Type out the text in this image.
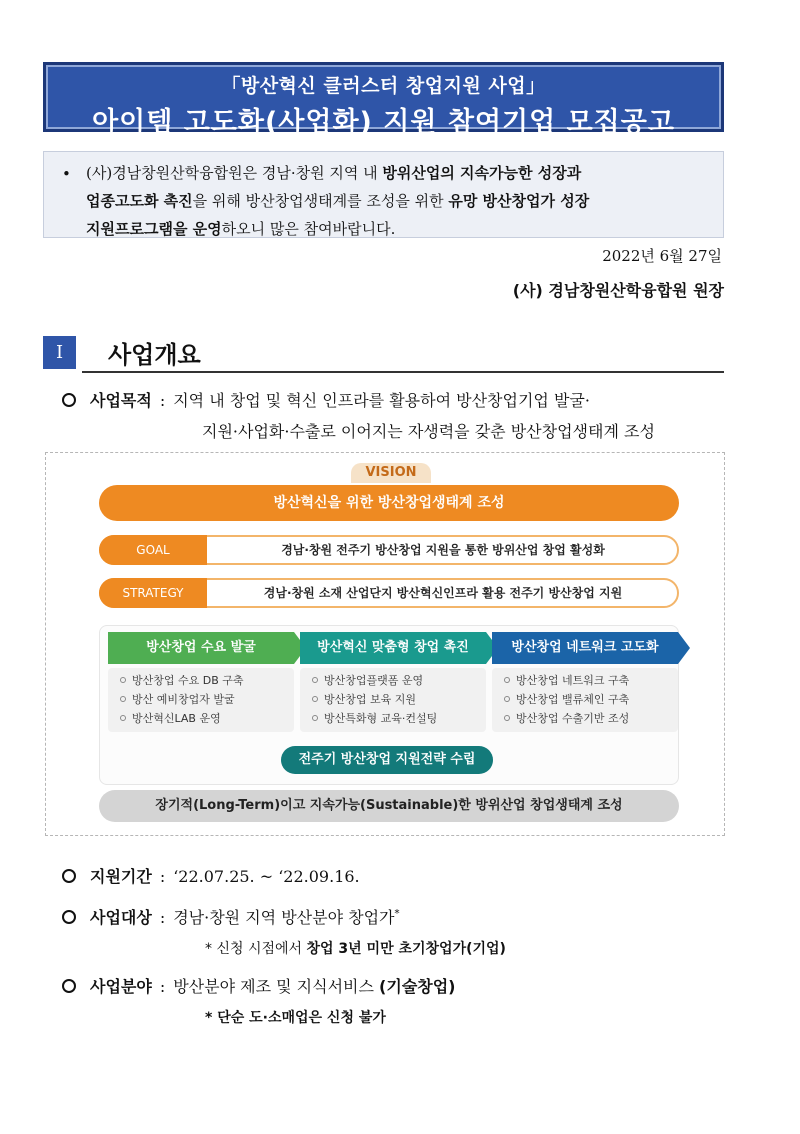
「방산혁신 클러스터 창업지원 사업」
아이템 고도화(사업화) 지원 참여기업 모집공고
• (사)경남창원산학융합원은 경남·창원 지역 내 방위산업의 지속가능한 성장과
업종고도화 촉진을 위해 방산창업생태계를 조성을 위한 유망 방산창업가 성장
지원프로그램을 운영하오니 많은 참여바랍니다.
2022년 6월 27일
(사) 경남창원산학융합원 원장
I	사업개요
사업목적 : 지역 내 창업 및 혁신 인프라를 활용하여 방산창업기업 발굴·
지원·사업화·수출로 이어지는 자생력을 갖춘 방산창업생태계 조성
VISION
방산혁신을 위한 방산창업생태계 조성
GOAL	경남·창원 전주기 방산창업 지원을 통한 방위산업 창업 활성화
STRATEGY	경남·창원 소재 산업단지 방산혁신인프라 활용 전주기 방산창업 지원
방산창업 수요 발굴
방산창업 수요 DB 구축
방산 예비창업자 발굴
방산혁신LAB 운영
방산혁신 맞춤형 창업 촉진
방산창업플랫폼 운영
방산창업 보육 지원
방산특화형 교육·컨설팅
방산창업 네트워크 고도화
방산창업 네트워크 구축
방산창업 밸류체인 구축
방산창업 수출기반 조성
전주기 방산창업 지원전략 수립
장기적(Long-Term)이고 지속가능(Sustainable)한 방위산업 창업생태계 조성
지원기간 : ‘22.07.25. ~ ‘22.09.16.
사업대상 : 경남·창원 지역 방산분야 창업가*
* 신청 시점에서 창업 3년 미만 초기창업가(기업)
사업분야 : 방산분야 제조 및 지식서비스 (기술창업)
* 단순 도·소매업은 신청 불가
